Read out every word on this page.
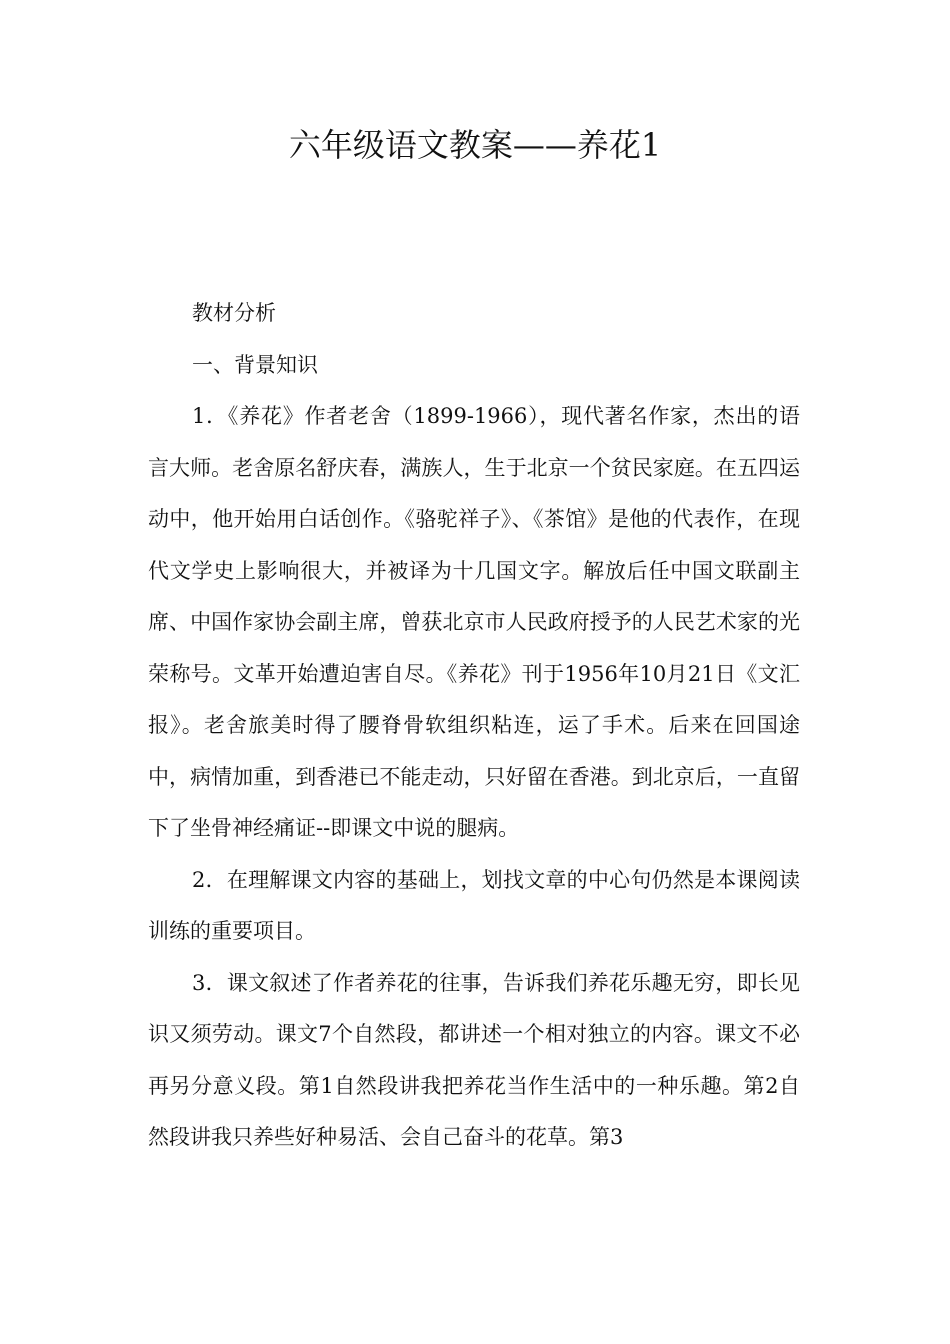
六年级语文教案——养花1

教材分析

一、背景知识

1．《养花》作者老舍（1899-1966），现代著名作家，杰出的语言大师。老舍原名舒庆春，满族人，生于北京一个贫民家庭。在五四运动中，他开始用白话创作。《骆驼祥子》、《茶馆》是他的代表作，在现代文学史上影响很大，并被译为十几国文字。解放后任中国文联副主席、中国作家协会副主席，曾获北京市人民政府授予的人民艺术家的光荣称号。文革开始遭迫害自尽。《养花》刊于1956年10月21日《文汇报》。老舍旅美时得了腰脊骨软组织粘连，运了手术。后来在回国途中，病情加重，到香港已不能走动，只好留在香港。到北京后，一直留下了坐骨神经痛证--即课文中说的腿病。

2．在理解课文内容的基础上，划找文章的中心句仍然是本课阅读训练的重要项目。

3．课文叙述了作者养花的往事，告诉我们养花乐趣无穷，即长见识又须劳动。课文7个自然段，都讲述一个相对独立的内容。课文不必再另分意义段。第1自然段讲我把养花当作生活中的一种乐趣。第2自然段讲我只养些好种易活、会自己奋斗的花草。第3
